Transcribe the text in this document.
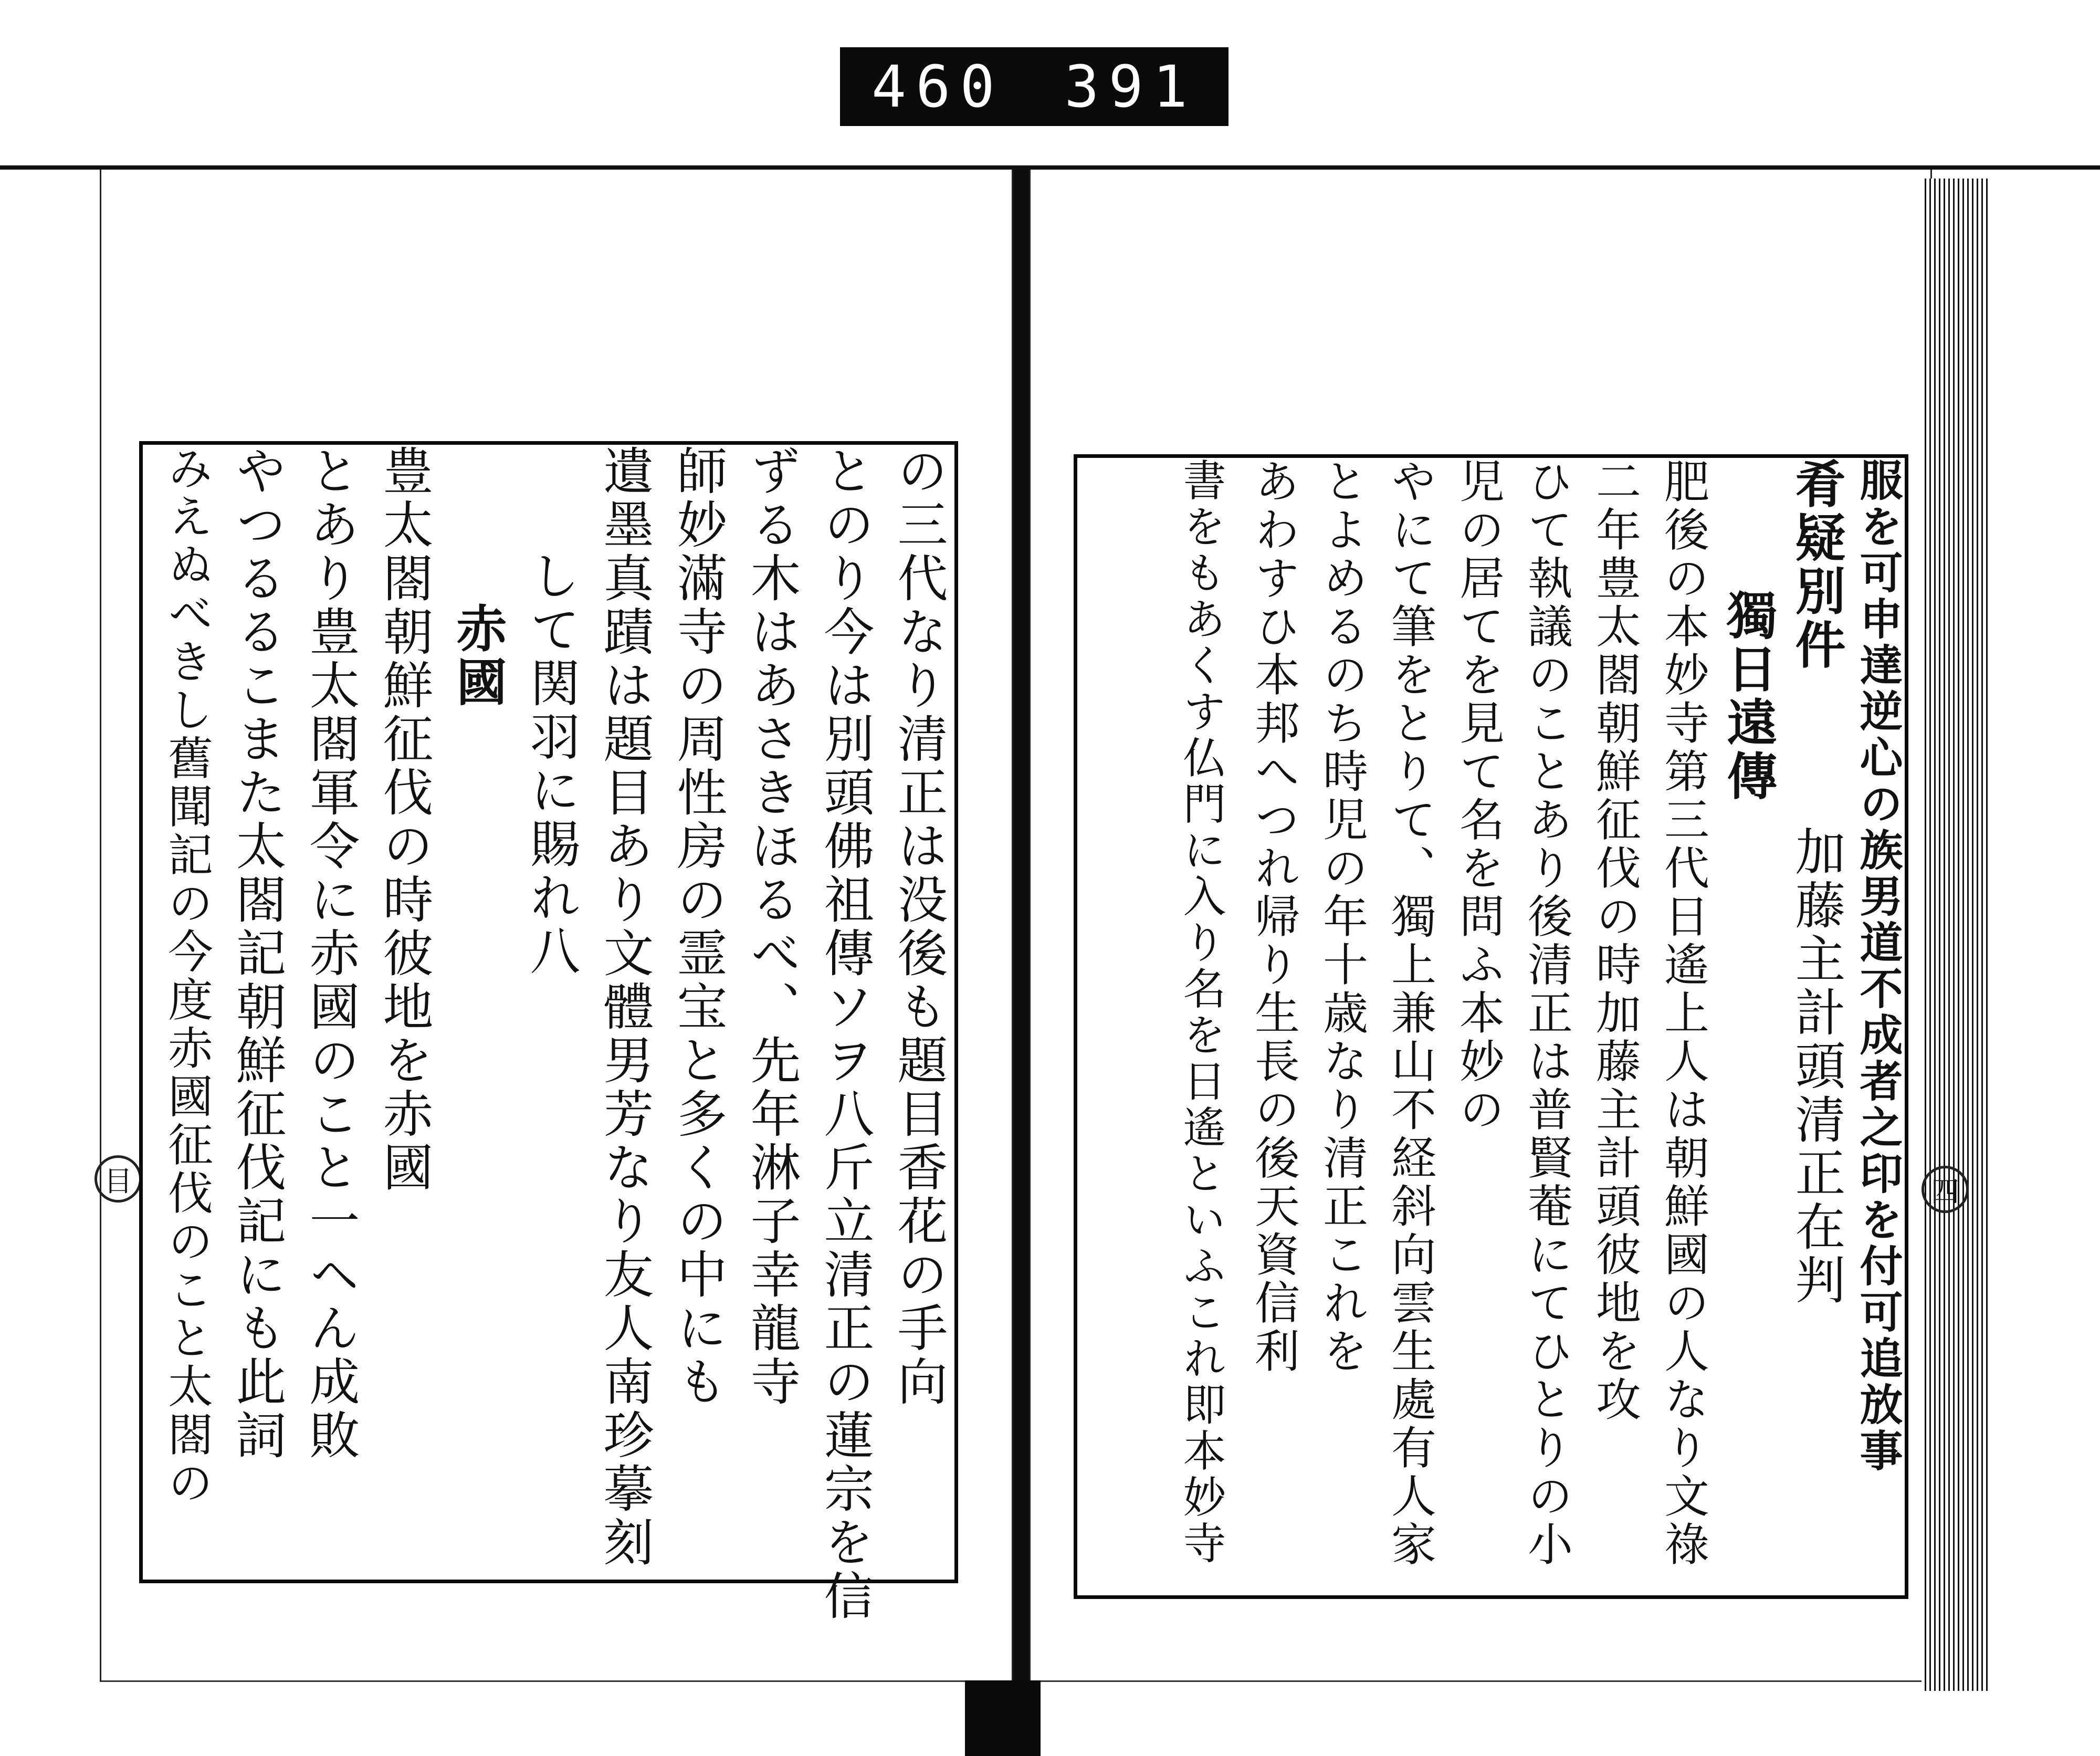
460 391
目	四
の三代なり清正は没後も題目香花の手向
とのり今は別頭佛祖傳ソヲ八斤立清正の蓮宗を信
ずる木はあさきほるべ、先年淋子幸龍寺
師妙滿寺の周性房の霊宝と多くの中にも
遺墨真蹟は題目あり文體男芳なり友人南珍摹刻
して関羽に賜れ八
赤國
豊太閤朝鮮征伐の時彼地を赤國
とあり豊太閤軍令に赤國のこと一ヘん成敗
やつるるこまた太閤記朝鮮征伐記にも此詞
みえぬべきし舊聞記の今度赤國征伐のこと太閤の	服を可申達逆心の族男道不成者之印を付可追放事
肴疑別件
加藤主計頭清正在判
獨日遠傳
肥後の本妙寺第三代日遙上人は朝鮮國の人なり文祿
二年豊太閤朝鮮征伐の時加藤主計頭彼地を攻
ひて執議のことあり後清正は普賢菴にてひとりの小
児の居てを見て名を問ふ本妙の
やにて筆をとりて、獨上兼山不経斜向雲生處有人家
とよめるのち時児の年十歳なり清正これを
あわすひ本邦へつれ帰り生長の後天資信利
書をもあくす仏門に入り名を日遙といふこれ即本妙寺
